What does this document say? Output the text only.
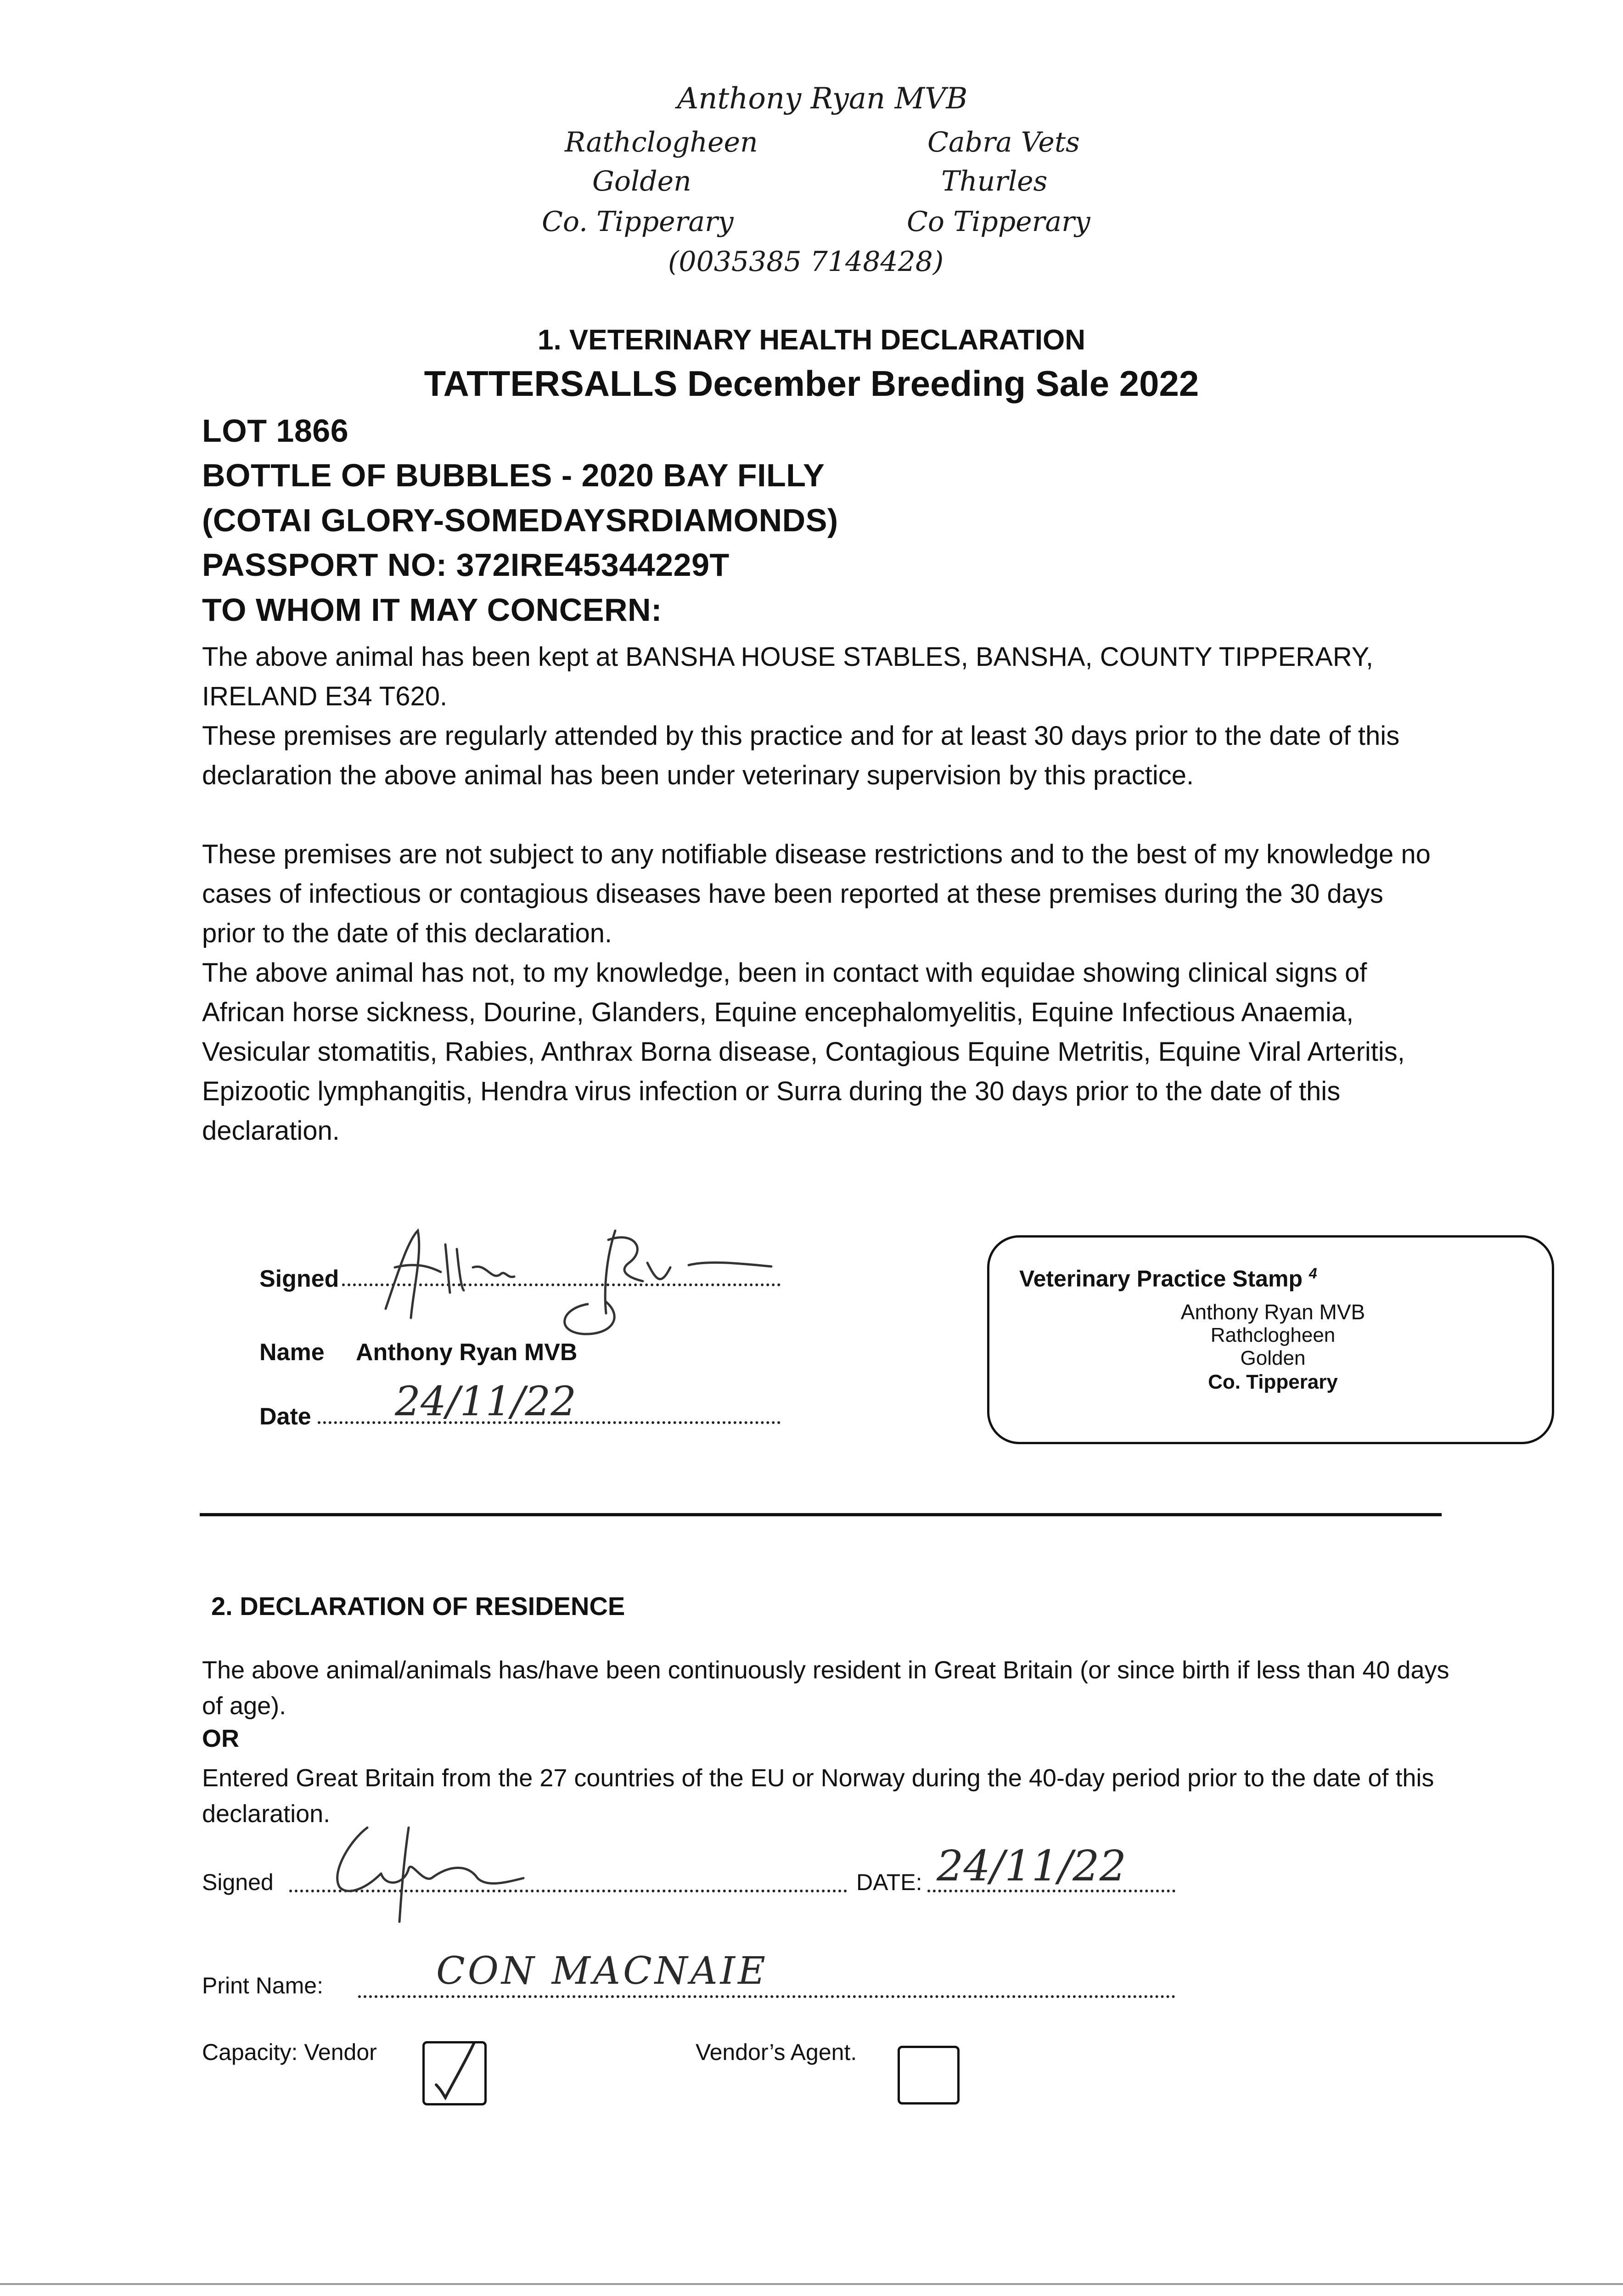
Anthony Ryan MVB
Rathclogheen
Golden
Co. Tipperary
Cabra Vets
Thurles
Co Tipperary
(0035385 7148428)
1. VETERINARY HEALTH DECLARATION
TATTERSALLS December Breeding Sale 2022
LOT 1866
BOTTLE OF BUBBLES - 2020 BAY FILLY
(COTAI GLORY-SOMEDAYSRDIAMONDS)
PASSPORT NO: 372IRE45344229T
TO WHOM IT MAY CONCERN:

The above animal has been kept at BANSHA HOUSE STABLES, BANSHA, COUNTY TIPPERARY, IRELAND E34 T620.

These premises are regularly attended by this practice and for at least 30 days prior to the date of this declaration the above animal has been under veterinary supervision by this practice.

These premises are not subject to any notifiable disease restrictions and to the best of my knowledge no cases of infectious or contagious diseases have been reported at these premises during the 30 days prior to the date of this declaration.

The above animal has not, to my knowledge, been in contact with equidae showing clinical signs of African horse sickness, Dourine, Glanders, Equine encephalomyelitis, Equine Infectious Anaemia, Vesicular stomatitis, Rabies, Anthrax Borna disease, Contagious Equine Metritis, Equine Viral Arteritis, Epizootic lymphangitis, Hendra virus infection or Surra during the 30 days prior to the date of this declaration.

Signed
Name Anthony Ryan MVB
Date 24/11/22
Veterinary Practice Stamp $^4$
Anthony Ryan MVB
Rathclogheen
Golden
Co. Tipperary
2. DECLARATION OF RESIDENCE

The above animal/animals has/have been continuously resident in Great Britain (or since birth if less than 40 days of age).

OR

Entered Great Britain from the 27 countries of the EU or Norway during the 40-day period prior to the date of this declaration.

Signed	DATE: 24/11/22
Print Name:	CON MACNAIE
Capacity: Vendor	Vendor’s Agent.
